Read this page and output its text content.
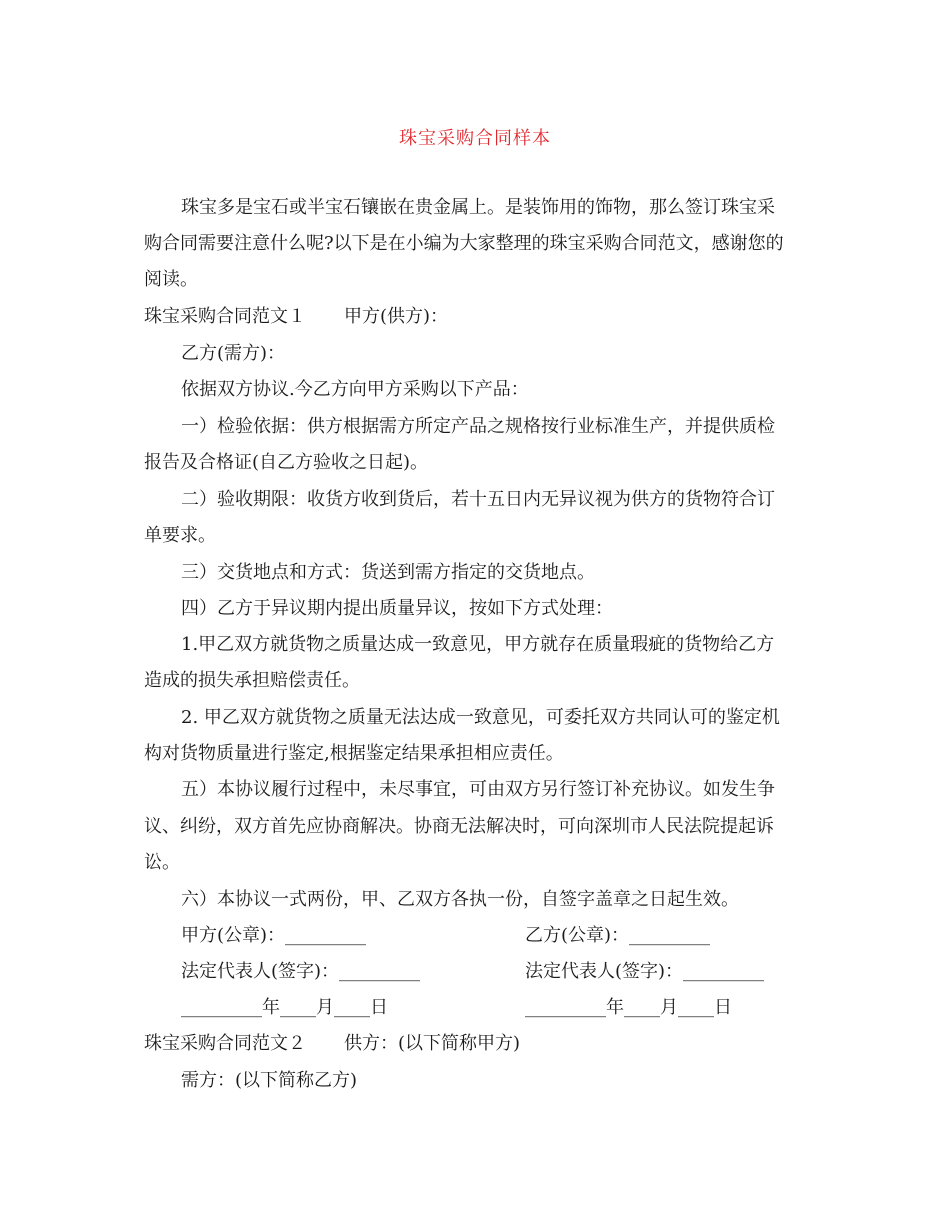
珠宝采购合同样本
珠宝多是宝石或半宝石镶嵌在贵金属上。是装饰用的饰物，那么签订珠宝采
购合同需要注意什么呢?以下是在小编为大家整理的珠宝采购合同范文，感谢您的
阅读。
珠宝采购合同范文１ 甲方(供方)：
乙方(需方)：
依据双方协议.今乙方向甲方采购以下产品：
一）检验依据：供方根据需方所定产品之规格按行业标准生产，并提供质检
报告及合格证(自乙方验收之日起)。
二）验收期限：收货方收到货后，若十五日内无异议视为供方的货物符合订
单要求。
三）交货地点和方式：货送到需方指定的交货地点。
四）乙方于异议期内提出质量异议，按如下方式处理：
1.甲乙双方就货物之质量达成一致意见，甲方就存在质量瑕疵的货物给乙方
造成的损失承担赔偿责任。
2. 甲乙双方就货物之质量无法达成一致意见，可委托双方共同认可的鉴定机
构对货物质量进行鉴定,根据鉴定结果承担相应责任。
五）本协议履行过程中，未尽事宜，可由双方另行签订补充协议。如发生争
议、纠纷，双方首先应协商解决。协商无法解决时，可向深圳市人民法院提起诉
讼。
六）本协议一式两份，甲、乙双方各执一份，自签字盖章之日起生效。
甲方(公章)：_________	乙方(公章)：_________
法定代表人(签字)：_________	法定代表人(签字)：_________
_________年____月____日	_________年____月____日
珠宝采购合同范文２ 供方：(以下简称甲方)
需方：(以下简称乙方)
